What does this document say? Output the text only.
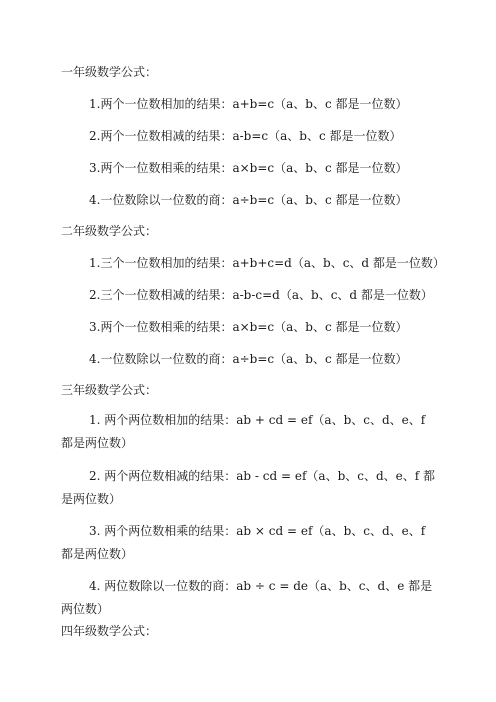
一年级数学公式：
1.两个一位数相加的结果：a+b=c（a、b、c 都是一位数）
2.两个一位数相减的结果：a-b=c（a、b、c 都是一位数）
3.两个一位数相乘的结果：a×b=c（a、b、c 都是一位数）
4.一位数除以一位数的商：a÷b=c（a、b、c 都是一位数）
二年级数学公式：
1.三个一位数相加的结果：a+b+c=d（a、b、c、d 都是一位数）
2.三个一位数相减的结果：a-b-c=d（a、b、c、d 都是一位数）
3.两个一位数相乘的结果：a×b=c（a、b、c 都是一位数）
4.一位数除以一位数的商：a÷b=c（a、b、c 都是一位数）
三年级数学公式：
1. 两个两位数相加的结果：ab + cd = ef（a、b、c、d、e、f 都是两位数）
2. 两个两位数相减的结果：ab - cd = ef（a、b、c、d、e、f 都是两位数）
3. 两个两位数相乘的结果：ab × cd = ef（a、b、c、d、e、f 都是两位数）
4. 两位数除以一位数的商：ab ÷ c = de（a、b、c、d、e 都是两位数）
四年级数学公式：
